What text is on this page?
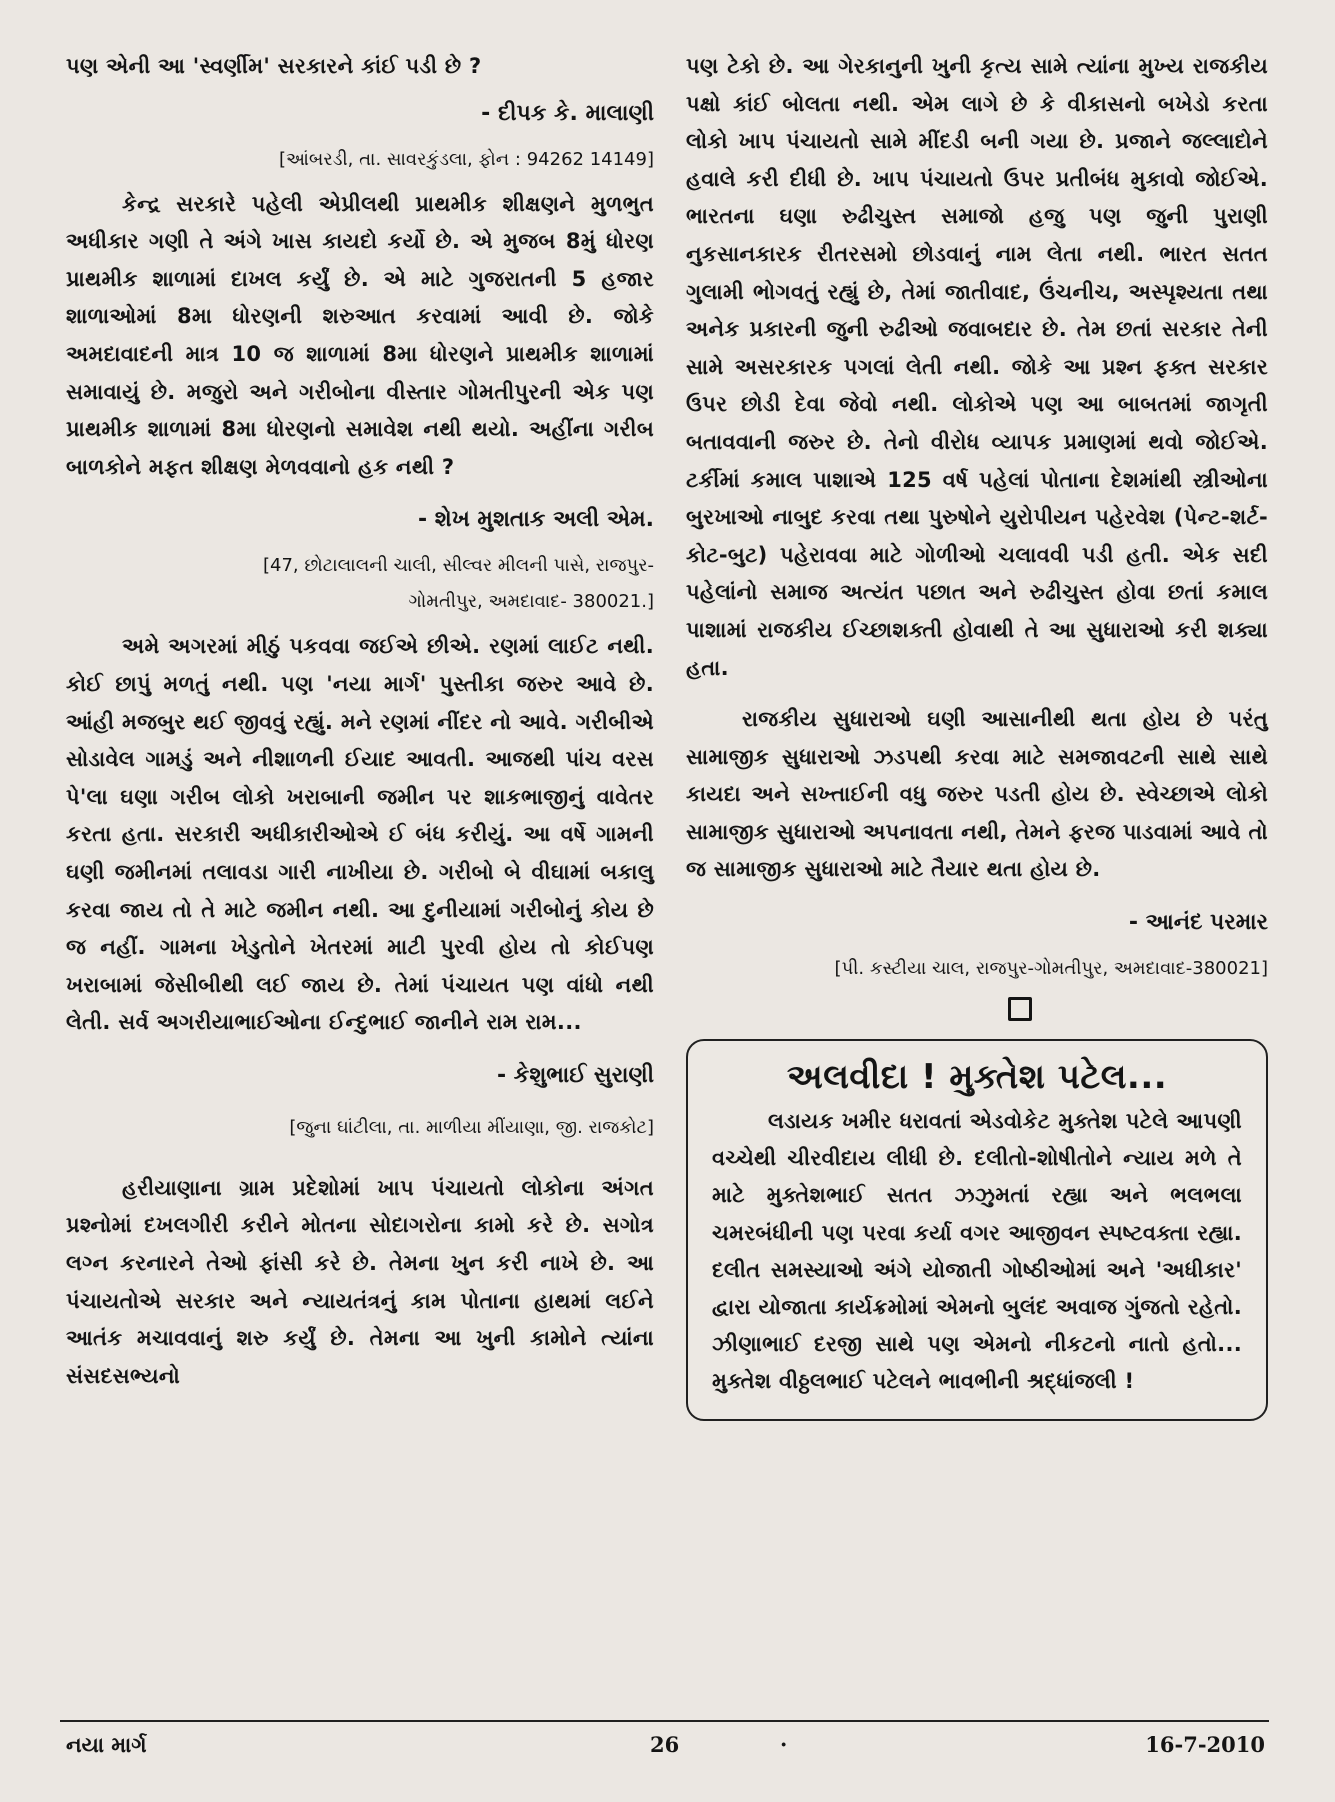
પણ એની આ 'સ્વર્ણીમ' સરકારને કાંઈ પડી છે ?

- દીપક કે. માલાણી

[આંબરડી, તા. સાવરકુંડલા, ફોન : 94262 14149]

કેન્દ્ર સરકારે પહેલી એપ્રીલથી પ્રાથમીક શીક્ષણને મુળભુત અધીકાર ગણી તે અંગે ખાસ કાયદો કર્યો છે. એ મુજબ 8મું ધોરણ પ્રાથમીક શાળામાં દાખલ કર્યું છે. એ માટે ગુજરાતની 5 હજાર શાળાઓમાં 8મા ધોરણની શરુઆત કરવામાં આવી છે. જોકે અમદાવાદની માત્ર 10 જ શાળામાં 8મા ધોરણને પ્રાથમીક શાળામાં સમાવાયું છે. મજુરો અને ગરીબોના વીસ્તાર ગોમતીપુરની એક પણ પ્રાથમીક શાળામાં 8મા ધોરણનો સમાવેશ નથી થયો. અહીંના ગરીબ બાળકોને મફત શીક્ષણ મેળવવાનો હક નથી ?

- શેખ મુશતાક અલી એમ.

[47, છોટાલાલની ચાલી, સીલ્વર મીલની પાસે, રાજપુર-

ગોમતીપુર, અમદાવાદ- 380021.]

અમે અગરમાં મીઠું પકવવા જઈએ છીએ. રણમાં લાઈટ નથી. કોઈ છાપું મળતું નથી. પણ 'નયા માર્ગ' પુસ્તીકા જરુર આવે છે. આંહી મજબુર થઈ જીવવું રહ્યું. મને રણમાં નીંદર નો આવે. ગરીબીએ સોડાવેલ ગામડું અને નીશાળની ઈયાદ આવતી. આજથી પાંચ વરસ પે'લા ઘણા ગરીબ લોકો ખરાબાની જમીન પર શાકભાજીનું વાવેતર કરતા હતા. સરકારી અધીકારીઓએ ઈ બંધ કરીયું. આ વર્ષે ગામની ઘણી જમીનમાં તલાવડા ગારી નાખીયા છે. ગરીબો બે વીઘામાં બકાલુ કરવા જાય તો તે માટે જમીન નથી. આ દુનીયામાં ગરીબોનું કોય છે જ નહીં. ગામના ખેડુતોને ખેતરમાં માટી પુરવી હોય તો કોઈપણ ખરાબામાં જેસીબીથી લઈ જાય છે. તેમાં પંચાયત પણ વાંધો નથી લેતી. સર્વ અગરીયાભાઈઓના ઈન્દુભાઈ જાનીને રામ રામ...

- કેશુભાઈ સુરાણી

[જુના ઘાંટીલા, તા. માળીયા મીંયાણા, જી. રાજકોટ]

હરીયાણાના ગ્રામ પ્રદેશોમાં ખાપ પંચાયતો લોકોના અંગત પ્રશ્નોમાં દખલગીરી કરીને મોતના સોદાગરોના કામો કરે છે. સગોત્ર લગ્ન કરનારને તેઓ ફાંસી કરે છે. તેમના ખુન કરી નાખે છે. આ પંચાયતોએ સરકાર અને ન્યાયતંત્રનું કામ પોતાના હાથમાં લઈને આતંક મચાવવાનું શરુ કર્યું છે. તેમના આ ખુની કામોને ત્યાંના સંસદસભ્યનો

પણ ટેકો છે. આ ગેરકાનુની ખુની કૃત્ય સામે ત્યાંના મુખ્ય રાજકીય પક્ષો કાંઈ બોલતા નથી. એમ લાગે છે કે વીકાસનો બખેડો કરતા લોકો ખાપ પંચાયતો સામે મીંદડી બની ગયા છે. પ્રજાને જલ્લાદોને હવાલે કરી દીધી છે. ખાપ પંચાયતો ઉપર પ્રતીબંધ મુકાવો જોઈએ. ભારતના ઘણા રુઢીચુસ્ત સમાજો હજુ પણ જુની પુરાણી નુકસાનકારક રીતરસમો છોડવાનું નામ લેતા નથી. ભારત સતત ગુલામી ભોગવતું રહ્યું છે, તેમાં જાતીવાદ, ઉંચનીચ, અસ્પૃશ્યતા તથા અનેક પ્રકારની જુની રુઢીઓ જવાબદાર છે. તેમ છતાં સરકાર તેની સામે અસરકારક પગલાં લેતી નથી. જોકે આ પ્રશ્ન ફક્ત સરકાર ઉપર છોડી દેવા જેવો નથી. લોકોએ પણ આ બાબતમાં જાગૃતી બતાવવાની જરુર છે. તેનો વીરોધ વ્યાપક પ્રમાણમાં થવો જોઈએ. ટર્કીમાં કમાલ પાશાએ 125 વર્ષ પહેલાં પોતાના દેશમાંથી સ્ત્રીઓના બુરખાઓ નાબુદ કરવા તથા પુરુષોને યુરોપીયન પહેરવેશ (પેન્ટ-શર્ટ-કોટ-બુટ) પહેરાવવા માટે ગોળીઓ ચલાવવી પડી હતી. એક સદી પહેલાંનો સમાજ અત્યંત પછાત અને રુઢીચુસ્ત હોવા છતાં કમાલ પાશામાં રાજકીય ઈચ્છાશક્તી હોવાથી તે આ સુધારાઓ કરી શક્યા હતા.

રાજકીય સુધારાઓ ઘણી આસાનીથી થતા હોય છે પરંતુ સામાજીક સુધારાઓ ઝડપથી કરવા માટે સમજાવટની સાથે સાથે કાયદા અને સખ્તાઈની વધુ જરુર પડતી હોય છે. સ્વેચ્છાએ લોકો સામાજીક સુધારાઓ અપનાવતા નથી, તેમને ફરજ પાડવામાં આવે તો જ સામાજીક સુધારાઓ માટે તૈયાર થતા હોય છે.

- આનંદ પરમાર

[પી. કસ્ટીયા ચાલ, રાજપુર-ગોમતીપુર, અમદાવાદ-380021]

અલવીદા ! મુક્તેશ પટેલ...

લડાયક ખમીર ધરાવતાં એડવોકેટ મુક્તેશ પટેલે આપણી વચ્ચેથી ચીરવીદાય લીધી છે. દલીતો-શોષીતોને ન્યાય મળે તે માટે મુક્તેશભાઈ સતત ઝઝુમતાં રહ્યા અને ભલભલા ચમરબંધીની પણ પરવા કર્યા વગર આજીવન સ્પષ્ટવક્તા રહ્યા. દલીત સમસ્યાઓ અંગે યોજાતી ગોષ્ઠીઓમાં અને 'અધીકાર' દ્વારા યોજાતા કાર્યક્રમોમાં એમનો બુલંદ અવાજ ગુંજતો રહેતો. ઝીણાભાઈ દરજી સાથે પણ એમનો નીકટનો નાતો હતો... મુક્તેશ વીઠ્ઠલભાઈ પટેલને ભાવભીની શ્રદ્ધાંજલી !

નયા માર્ગ	26	·	16-7-2010
